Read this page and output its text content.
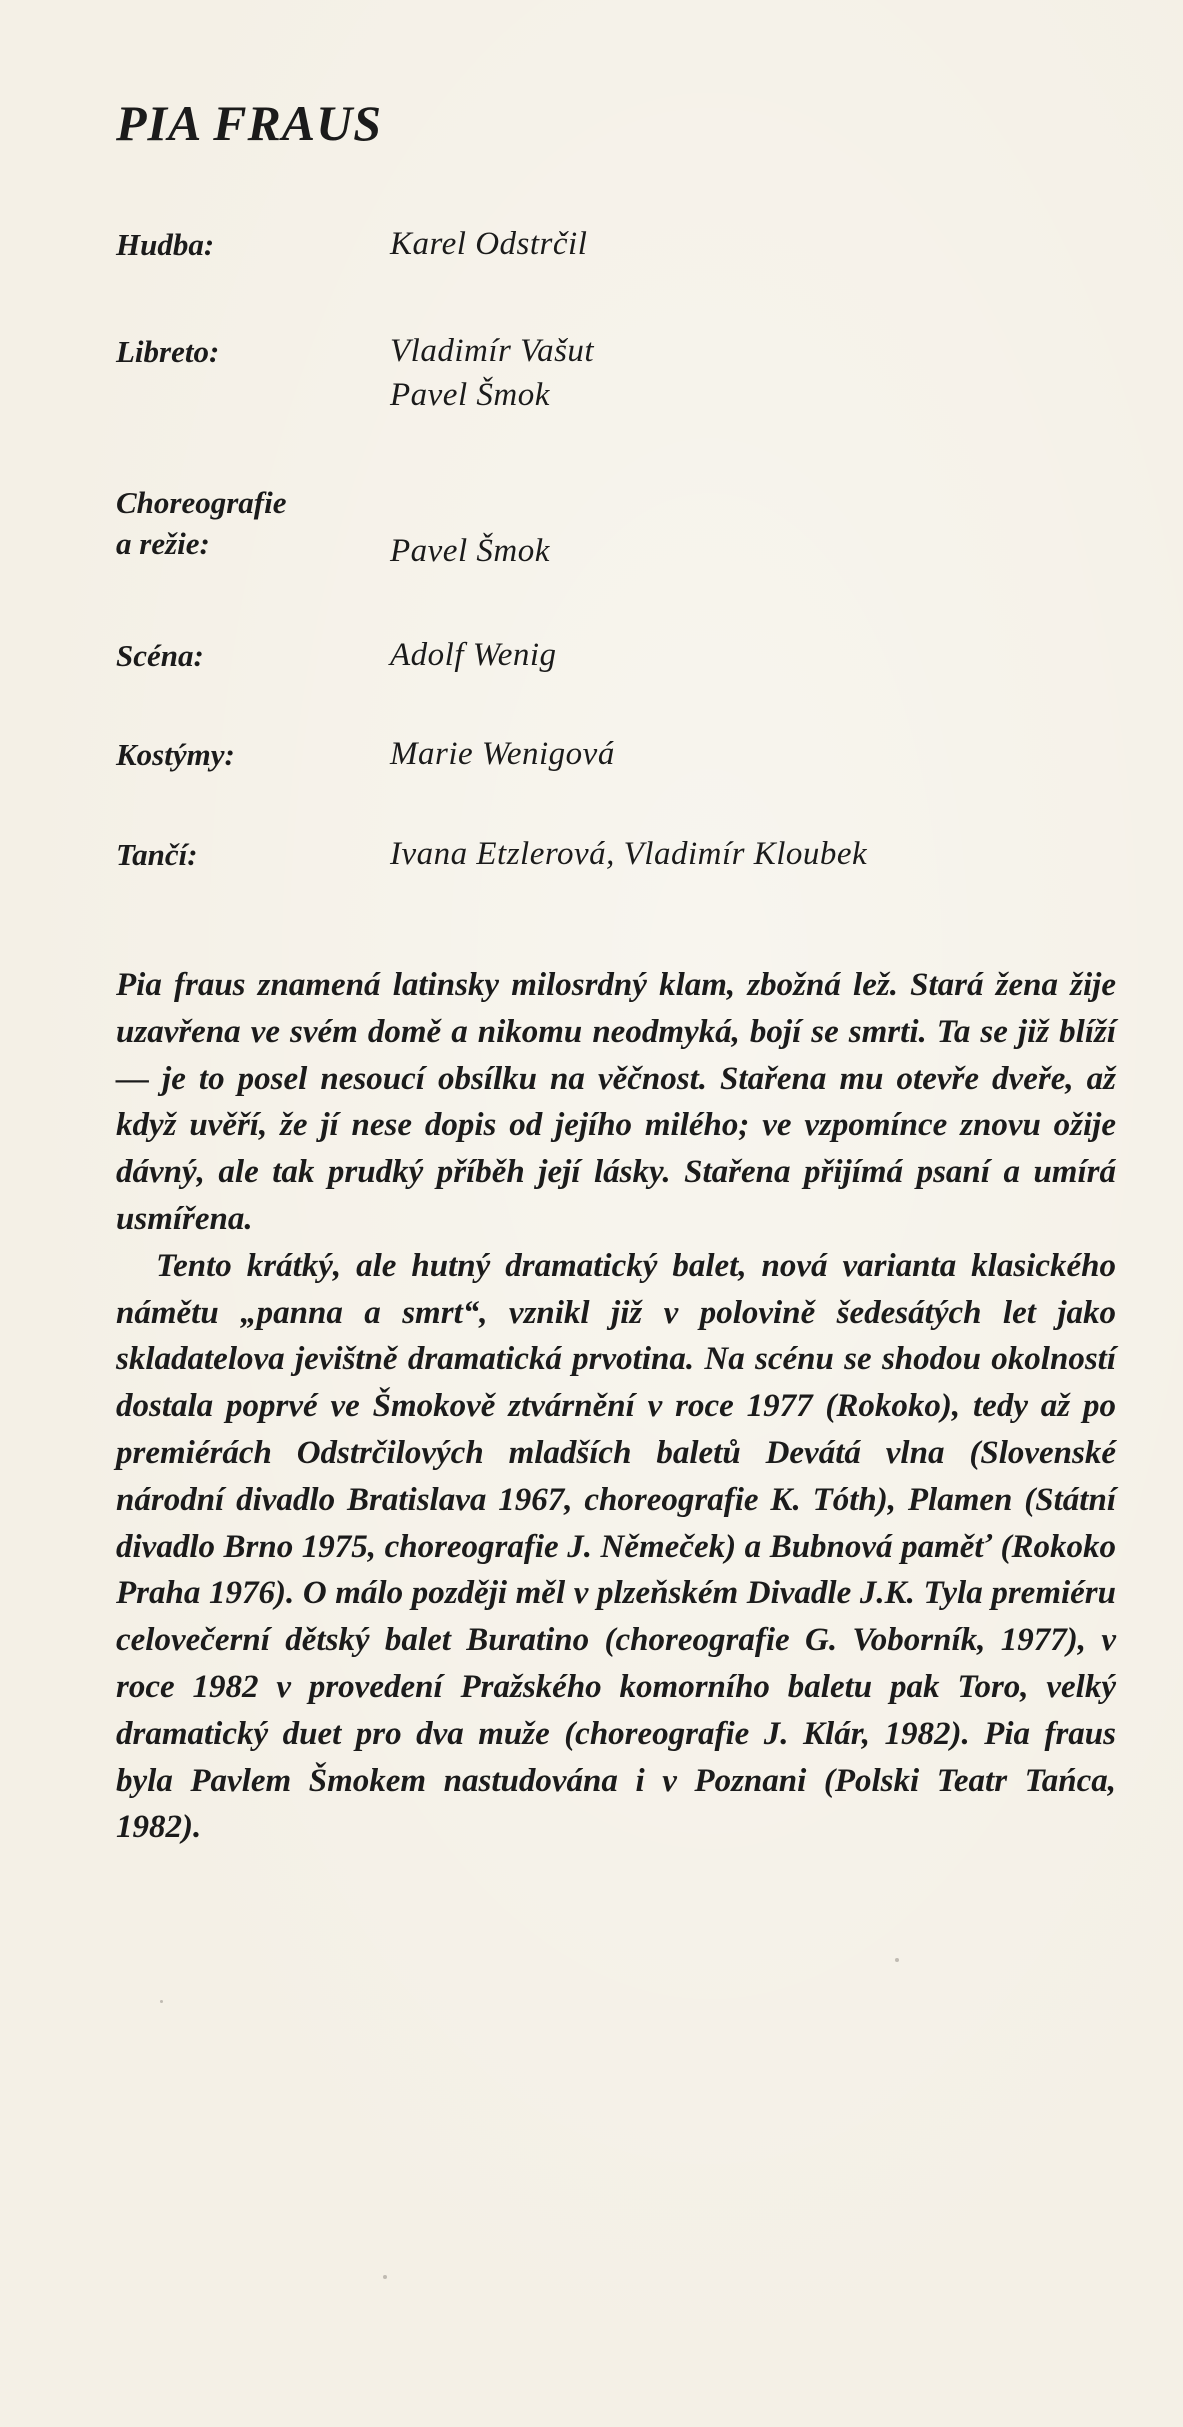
PIA FRAUS
Hudba:	Karel Odstrčil
Libreto:	Vladimír Vašut
Pavel Šmok
Choreografie
a režie:	Pavel Šmok
Scéna:	Adolf Wenig
Kostýmy:	Marie Wenigová
Tančí:	Ivana Etzlerová, Vladimír Kloubek

Pia fraus znamená latinsky milosrdný klam, zbožná lež. Stará žena žije uzavřena ve svém domě a nikomu neodmyká, bojí se smrti. Ta se již blíží — je to posel nesoucí obsílku na věčnost. Stařena mu otevře dveře, až když uvěří, že jí nese dopis od jejího milého; ve vzpomínce znovu ožije dávný, ale tak prudký příběh její lásky. Stařena přijímá psaní a umírá usmířena.

Tento krátký, ale hutný dramatický balet, nová varianta klasického námětu „panna a smrt“, vznikl již v polovině šedesátých let jako skladatelova jevištně dramatická prvotina. Na scénu se shodou okolností dostala poprvé ve Šmokově ztvárnění v roce 1977 (Rokoko), tedy až po premiérách Odstrčilových mladších baletů Devátá vlna (Slovenské národní divadlo Bratislava 1967, choreografie K. Tóth), Plamen (Státní divadlo Brno 1975, choreografie J. Němeček) a Bubnová paměť (Rokoko Praha 1976). O málo později měl v plzeňském Divadle J.K. Tyla premiéru celovečerní dětský balet Buratino (choreografie G. Voborník, 1977), v roce 1982 v provedení Pražského komorního baletu pak Toro, velký dramatický duet pro dva muže (choreografie J. Klár, 1982). Pia fraus byla Pavlem Šmokem nastudována i v Poznani (Polski Teatr Tańca, 1982).
